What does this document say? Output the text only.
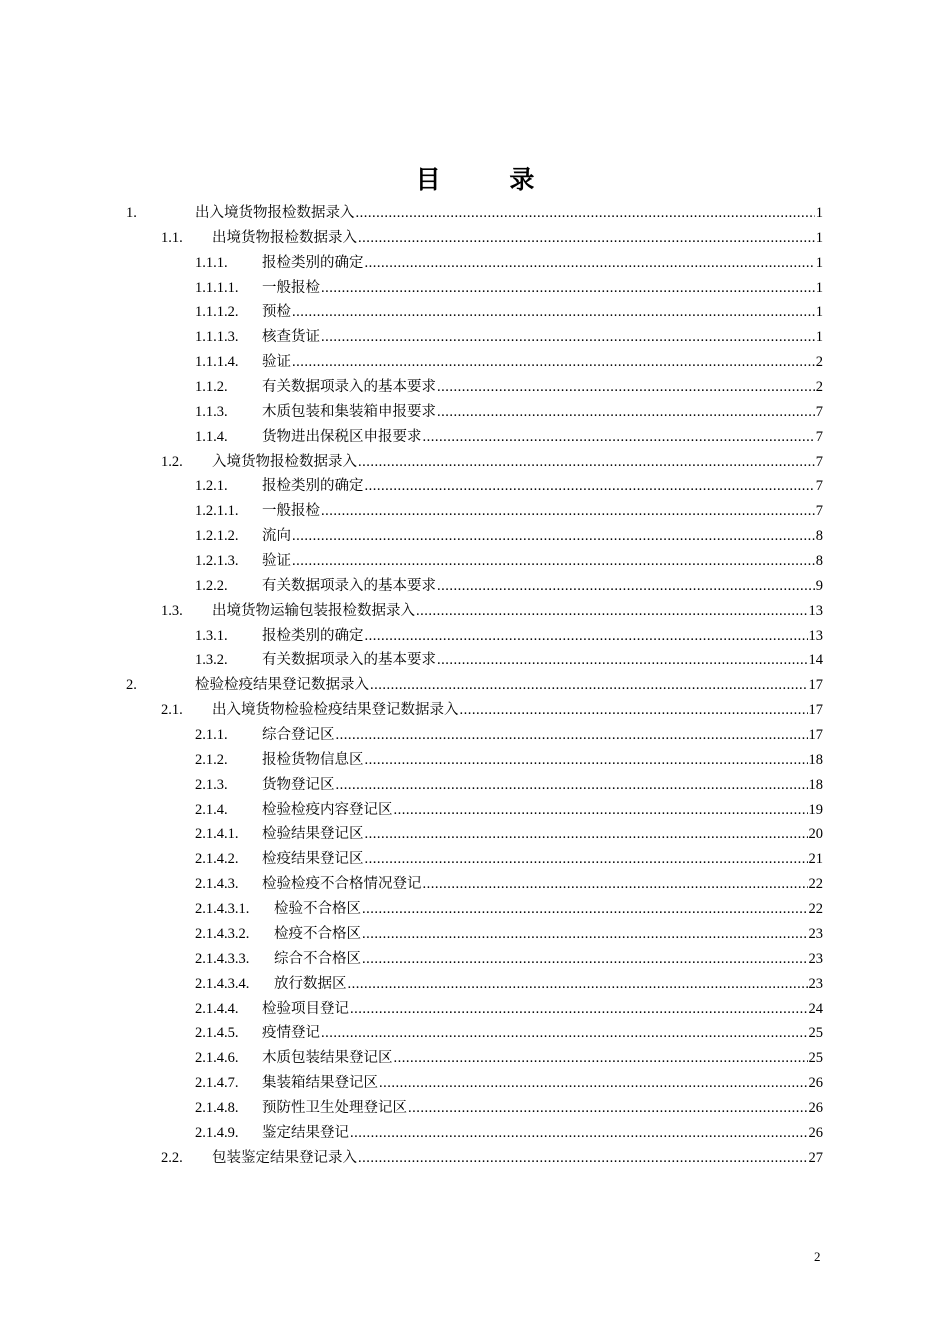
目 录
1.	出入境货物报检数据录入 .....	1
1.1. 出境货物报检数据录入 .....	1
1.1.1. 报检类别的确定 .....	1
1.1.1.1. 一般报检 .....	1
1.1.1.2. 预检 .....	1
1.1.1.3. 核查货证 .....	1
1.1.1.4. 验证 .....	2
1.1.2. 有关数据项录入的基本要求 .....	2
1.1.3. 木质包装和集装箱申报要求 .....	7
1.1.4. 货物进出保税区申报要求 .....	7
1.2. 入境货物报检数据录入 .....	7
1.2.1. 报检类别的确定 .....	7
1.2.1.1. 一般报检 .....	7
1.2.1.2. 流向 .....	8
1.2.1.3. 验证 .....	8
1.2.2. 有关数据项录入的基本要求 .....	9
1.3. 出境货物运输包装报检数据录入 .....	13
1.3.1. 报检类别的确定 .....	13
1.3.2. 有关数据项录入的基本要求 .....	14
2.	检验检疫结果登记数据录入 .....	17
2.1. 出入境货物检验检疫结果登记数据录入 .....	17
2.1.1. 综合登记区 .....	17
2.1.2. 报检货物信息区 .....	18
2.1.3. 货物登记区 .....	18
2.1.4. 检验检疫内容登记区 .....	19
2.1.4.1. 检验结果登记区 .....	20
2.1.4.2. 检疫结果登记区 .....	21
2.1.4.3. 检验检疫不合格情况登记 .....	22
2.1.4.3.1. 检验不合格区 .....	22
2.1.4.3.2. 检疫不合格区 .....	23
2.1.4.3.3. 综合不合格区 .....	23
2.1.4.3.4. 放行数据区 .....	23
2.1.4.4. 检验项目登记 .....	24
2.1.4.5. 疫情登记 .....	25
2.1.4.6. 木质包装结果登记区 .....	25
2.1.4.7. 集装箱结果登记区 .....	26
2.1.4.8. 预防性卫生处理登记区 .....	26
2.1.4.9. 鉴定结果登记 .....	26
2.2. 包装鉴定结果登记录入 .....	27
2
